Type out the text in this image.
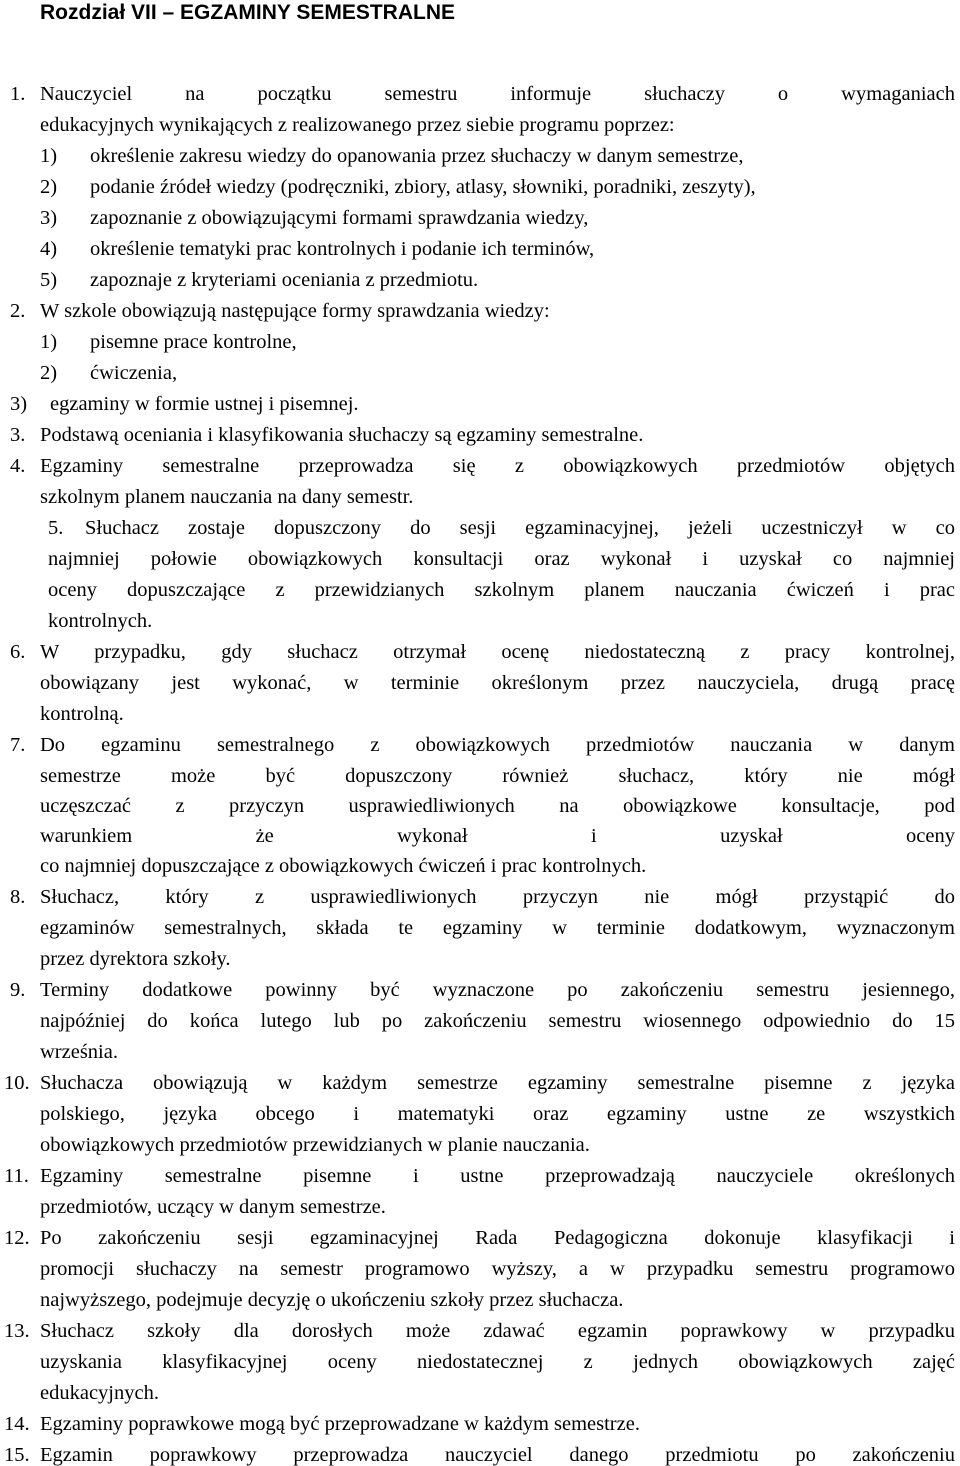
Rozdział VII – EGZAMINY SEMESTRALNE
1. Nauczyciel na początku semestru informuje słuchaczy o wymaganiach
edukacyjnych wynikających z realizowanego przez siebie programu poprzez:
1) określenie zakresu wiedzy do opanowania przez słuchaczy w danym semestrze,
2) podanie źródeł wiedzy (podręczniki, zbiory, atlasy, słowniki, poradniki, zeszyty),
3) zapoznanie z obowiązującymi formami sprawdzania wiedzy,
4) określenie tematyki prac kontrolnych i podanie ich terminów,
5) zapoznaje z kryteriami oceniania z przedmiotu.
2. W szkole obowiązują następujące formy sprawdzania wiedzy:
1) pisemne prace kontrolne,
2) ćwiczenia,
3) egzaminy w formie ustnej i pisemnej.
3. Podstawą oceniania i klasyfikowania słuchaczy są egzaminy semestralne.
4. Egzaminy semestralne przeprowadza się z obowiązkowych przedmiotów objętych
szkolnym planem nauczania na dany semestr.
5. Słuchacz zostaje dopuszczony do sesji egzaminacyjnej, jeżeli uczestniczył w co
najmniej połowie obowiązkowych konsultacji oraz wykonał i uzyskał co najmniej
oceny dopuszczające z przewidzianych szkolnym planem nauczania ćwiczeń i prac
kontrolnych.
6. W przypadku, gdy słuchacz otrzymał ocenę niedostateczną z pracy kontrolnej,
obowiązany jest wykonać, w terminie określonym przez nauczyciela, drugą pracę
kontrolną.
7. Do egzaminu semestralnego z obowiązkowych przedmiotów nauczania w danym
semestrze może być dopuszczony również słuchacz, który nie mógł
uczęszczać z przyczyn usprawiedliwionych na obowiązkowe konsultacje, pod
warunkiem że wykonał i uzyskał oceny
co najmniej dopuszczające z obowiązkowych ćwiczeń i prac kontrolnych.
8. Słuchacz, który z usprawiedliwionych przyczyn nie mógł przystąpić do
egzaminów semestralnych, składa te egzaminy w terminie dodatkowym, wyznaczonym
przez dyrektora szkoły.
9. Terminy dodatkowe powinny być wyznaczone po zakończeniu semestru jesiennego,
najpóźniej do końca lutego lub po zakończeniu semestru wiosennego odpowiednio do 15
września.
10. Słuchacza obowiązują w każdym semestrze egzaminy semestralne pisemne z języka
polskiego, języka obcego i matematyki oraz egzaminy ustne ze wszystkich
obowiązkowych przedmiotów przewidzianych w planie nauczania.
11. Egzaminy semestralne pisemne i ustne przeprowadzają nauczyciele określonych
przedmiotów, uczący w danym semestrze.
12. Po zakończeniu sesji egzaminacyjnej Rada Pedagogiczna dokonuje klasyfikacji i
promocji słuchaczy na semestr programowo wyższy, a w przypadku semestru programowo
najwyższego, podejmuje decyzję o ukończeniu szkoły przez słuchacza.
13. Słuchacz szkoły dla dorosłych może zdawać egzamin poprawkowy w przypadku
uzyskania klasyfikacyjnej oceny niedostatecznej z jednych obowiązkowych zajęć
edukacyjnych.
14. Egzaminy poprawkowe mogą być przeprowadzane w każdym semestrze.
15. Egzamin poprawkowy przeprowadza nauczyciel danego przedmiotu po zakończeniu
